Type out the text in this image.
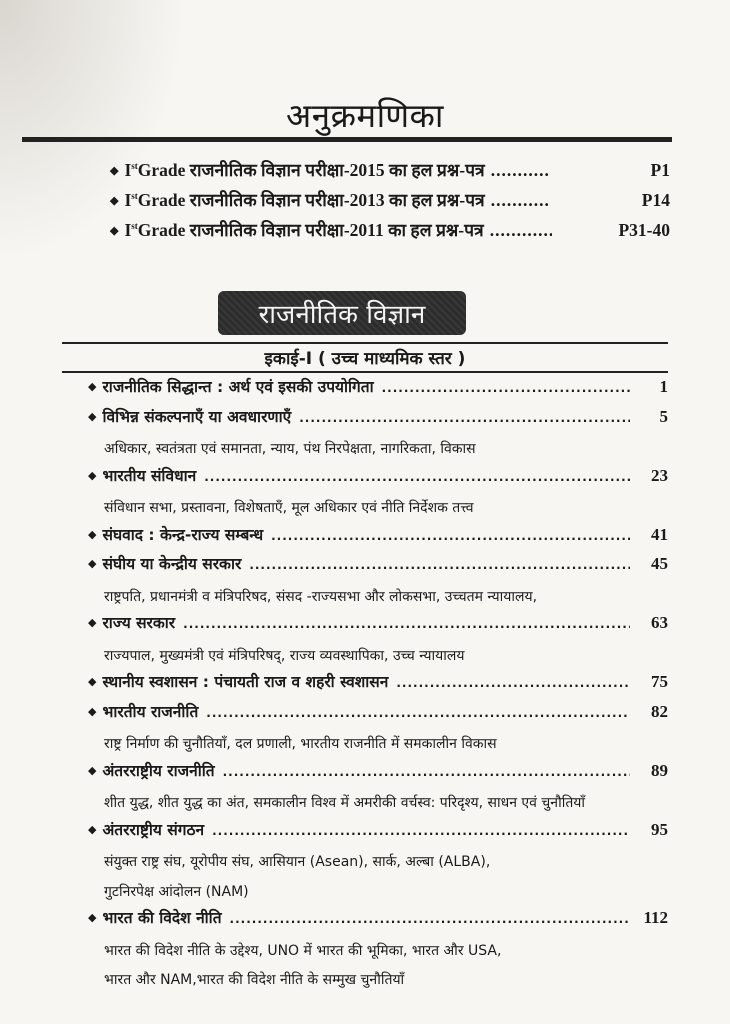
अनुक्रमणिका
◆ Ist Grade राजनीतिक विज्ञान परीक्षा-2015 का हल प्रश्न-पत्र .....	P1
◆ Ist Grade राजनीतिक विज्ञान परीक्षा-2013 का हल प्रश्न-पत्र .....	P14
◆ Ist Grade राजनीतिक विज्ञान परीक्षा-2011 का हल प्रश्न-पत्र .....	P31-40
राजनीतिक विज्ञान
इकाई-I ( उच्च माध्यमिक स्तर )
◆ राजनीतिक सिद्धान्त : अर्थ एवं इसकी उपयोगिता .....	1
◆ विभिन्न संकल्पनाएँ या अवधारणाएँ .....	5
अधिकार, स्वतंत्रता एवं समानता, न्याय, पंथ निरपेक्षता, नागरिकता, विकास
◆ भारतीय संविधान .....	23
संविधान सभा, प्रस्तावना, विशेषताएँ, मूल अधिकार एवं नीति निर्देशक तत्त्व
◆ संघवाद : केन्द्र-राज्य सम्बन्ध .....	41
◆ संघीय या केन्द्रीय सरकार .....	45
राष्ट्रपति, प्रधानमंत्री व मंत्रिपरिषद, संसद -राज्यसभा और लोकसभा, उच्चतम न्यायालय,
◆ राज्य सरकार .....	63
राज्यपाल, मुख्यमंत्री एवं मंत्रिपरिषद्, राज्य व्यवस्थापिका, उच्च न्यायालय
◆ स्थानीय स्वशासन : पंचायती राज व शहरी स्वशासन .....	75
◆ भारतीय राजनीति .....	82
राष्ट्र निर्माण की चुनौतियाँ, दल प्रणाली, भारतीय राजनीति में समकालीन विकास
◆ अंतरराष्ट्रीय राजनीति .....	89
शीत युद्ध, शीत युद्ध का अंत, समकालीन विश्व में अमरीकी वर्चस्व: परिदृश्य, साधन एवं चुनौतियाँ
◆ अंतरराष्ट्रीय संगठन .....	95
संयुक्त राष्ट्र संघ, यूरोपीय संघ, आसियान (Asean), सार्क, अल्बा (ALBA),
गुटनिरपेक्ष आंदोलन (NAM)
◆ भारत की विदेश नीति .....	112
भारत की विदेश नीति के उद्देश्य, UNO में भारत की भूमिका, भारत और USA,
भारत और NAM,भारत की विदेश नीति के सम्मुख चुनौतियाँ
